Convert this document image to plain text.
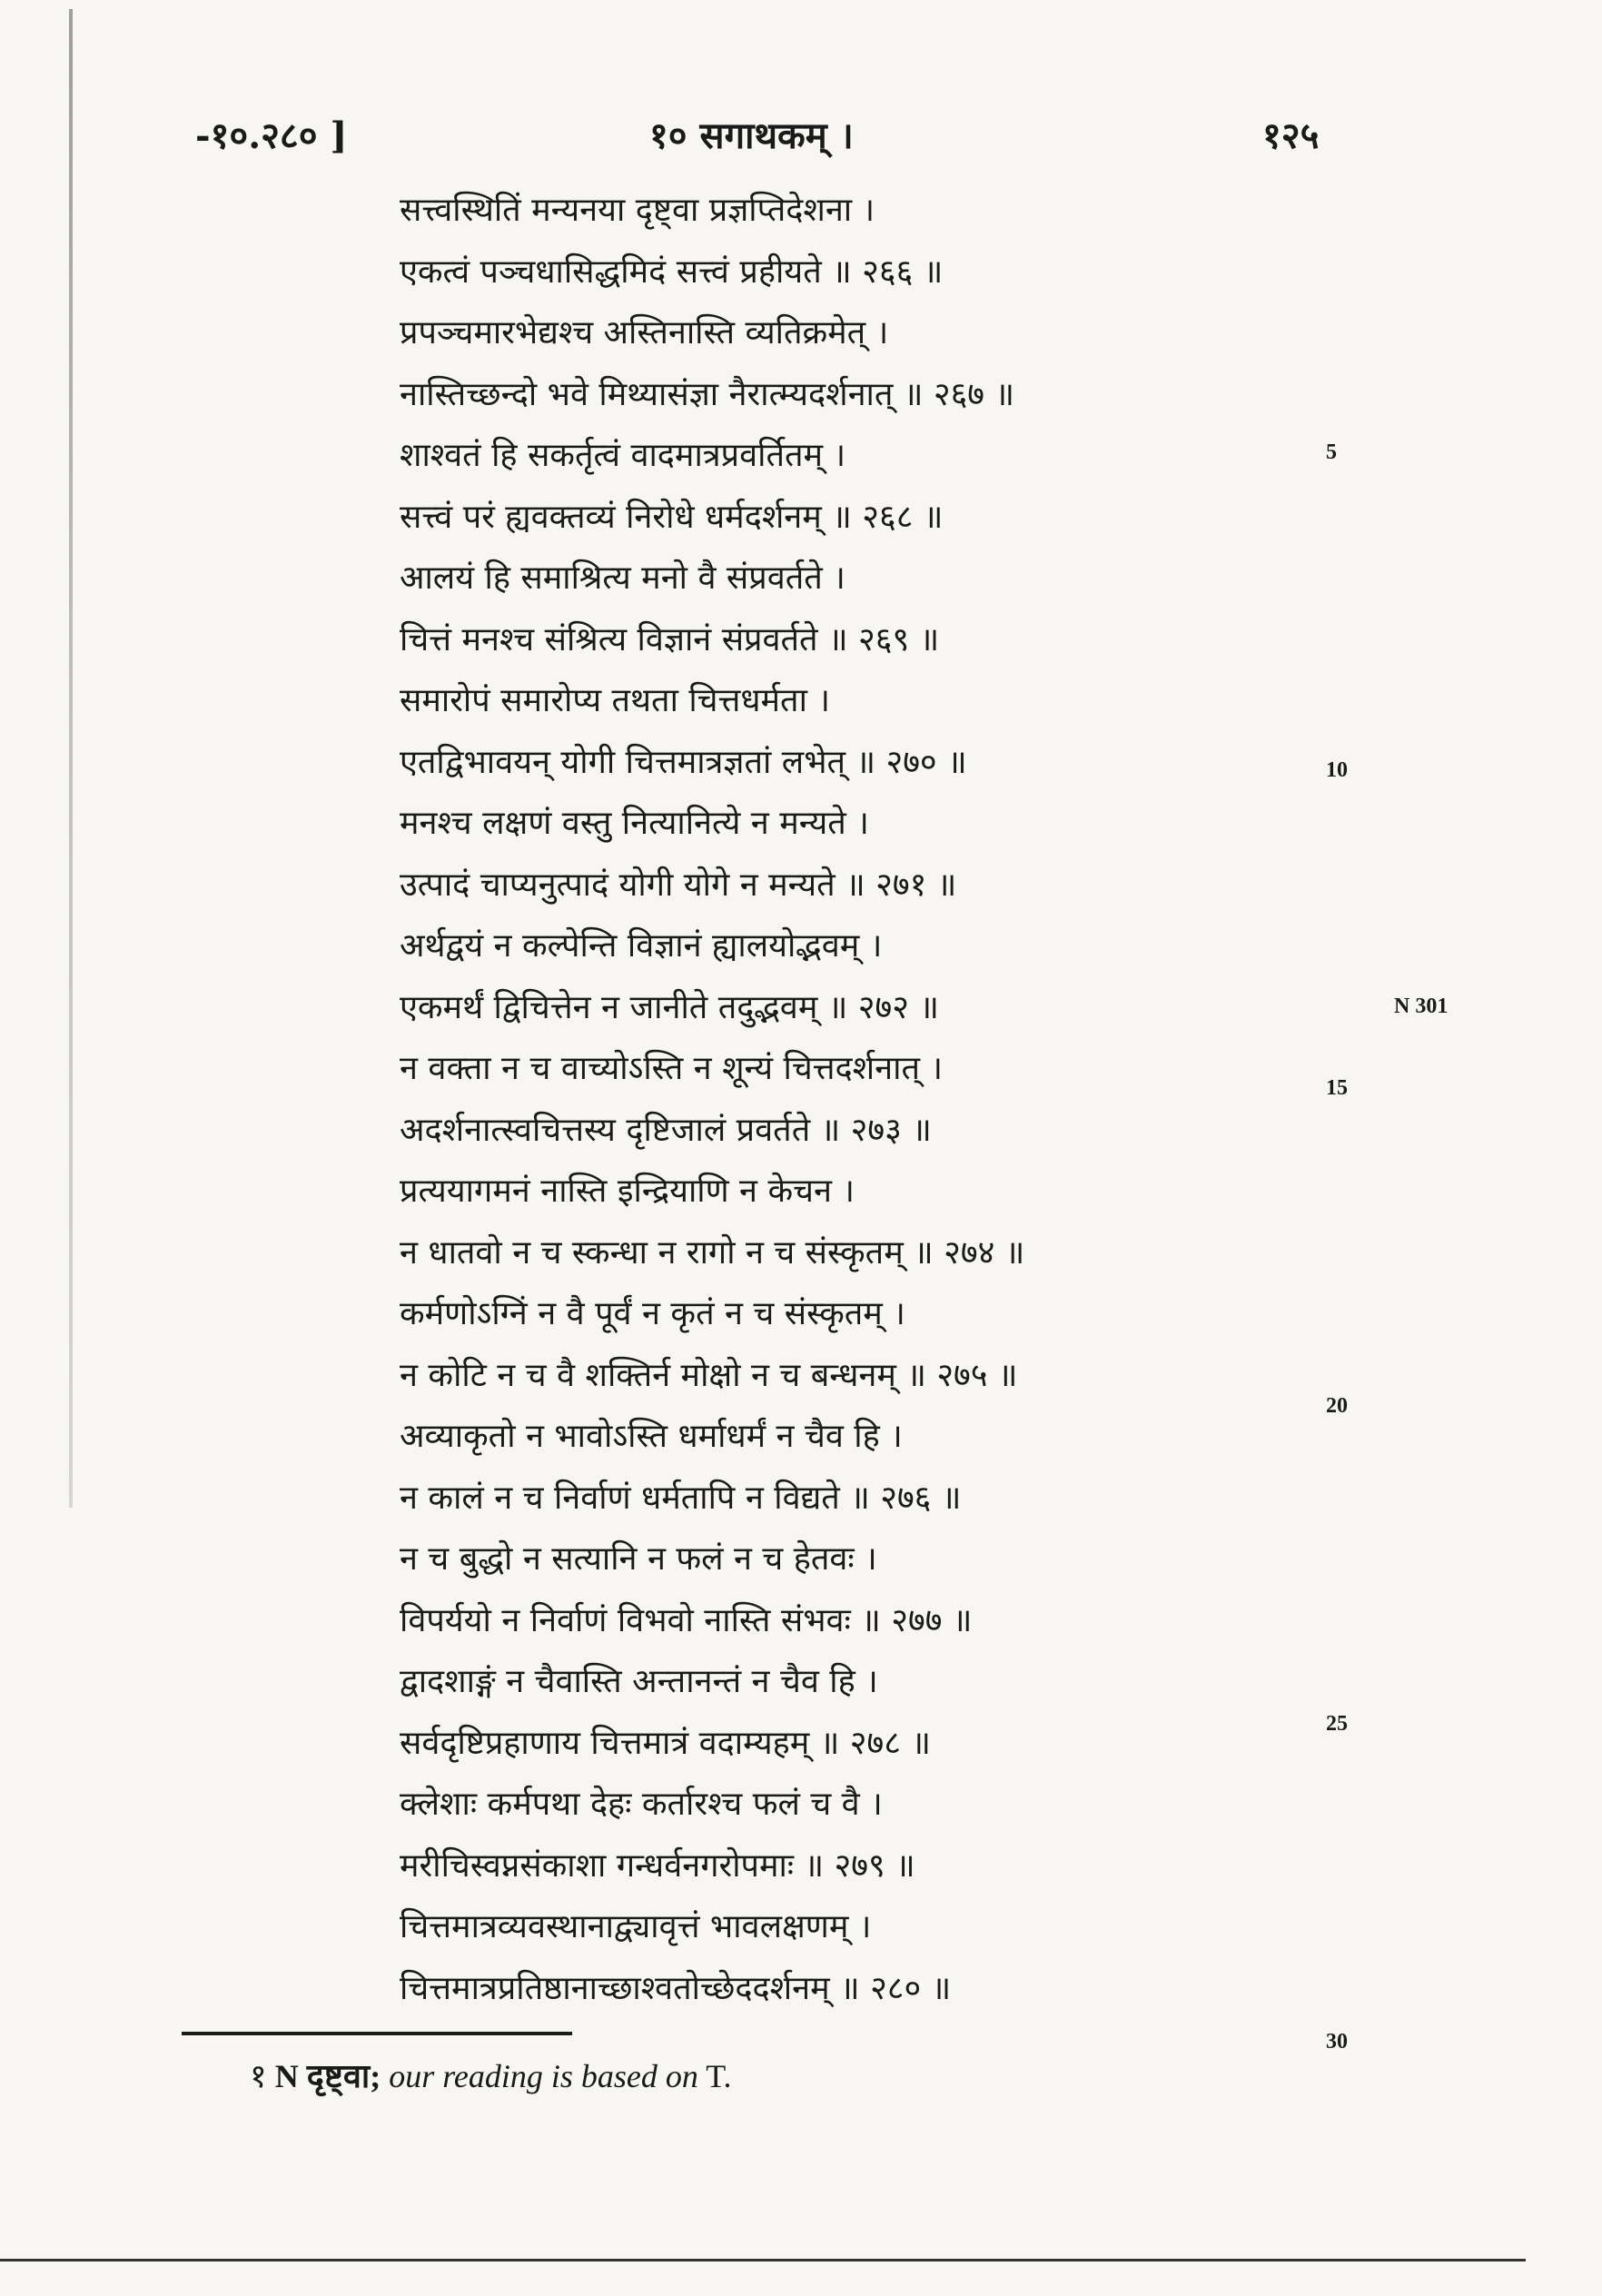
-१०.२८० ]	१० सगाथकम् ।	१२५
सत्त्वस्थितिं मन्यनया दृष्ट्वा प्रज्ञप्तिदेशना ।
एकत्वं पञ्चधासिद्धमिदं सत्त्वं प्रहीयते ॥ २६६ ॥
प्रपञ्चमारभेद्यश्च अस्तिनास्ति व्यतिक्रमेत् ।
नास्तिच्छन्दो भवे मिथ्यासंज्ञा नैरात्म्यदर्शनात् ॥ २६७ ॥
शाश्वतं हि सकर्तृत्वं वादमात्रप्रवर्तितम् ।
सत्त्वं परं ह्यवक्तव्यं निरोधे धर्मदर्शनम् ॥ २६८ ॥
आलयं हि समाश्रित्य मनो वै संप्रवर्तते ।
चित्तं मनश्च संश्रित्य विज्ञानं संप्रवर्तते ॥ २६९ ॥
समारोपं समारोप्य तथता चित्तधर्मता ।
एतद्विभावयन् योगी चित्तमात्रज्ञतां लभेत् ॥ २७० ॥
मनश्च लक्षणं वस्तु नित्यानित्ये न मन्यते ।
उत्पादं चाप्यनुत्पादं योगी योगे न मन्यते ॥ २७१ ॥
अर्थद्वयं न कल्पेन्ति विज्ञानं ह्यालयोद्भवम् ।
एकमर्थं द्विचित्तेन न जानीते तदुद्भवम् ॥ २७२ ॥
न वक्ता न च वाच्योऽस्ति न शून्यं चित्तदर्शनात् ।
अदर्शनात्स्वचित्तस्य दृष्टिजालं प्रवर्तते ॥ २७३ ॥
प्रत्ययागमनं नास्ति इन्द्रियाणि न केचन ।
न धातवो न च स्कन्धा न रागो न च संस्कृतम् ॥ २७४ ॥
कर्मणोऽग्निं न वै पूर्वं न कृतं न च संस्कृतम् ।
न कोटि न च वै शक्तिर्न मोक्षो न च बन्धनम् ॥ २७५ ॥
अव्याकृतो न भावोऽस्ति धर्माधर्मं न चैव हि ।
न कालं न च निर्वाणं धर्मतापि न विद्यते ॥ २७६ ॥
न च बुद्धो न सत्यानि न फलं न च हेतवः ।
विपर्ययो न निर्वाणं विभवो नास्ति संभवः ॥ २७७ ॥
द्वादशाङ्गं न चैवास्ति अन्तानन्तं न चैव हि ।
सर्वदृष्टिप्रहाणाय चित्तमात्रं वदाम्यहम् ॥ २७८ ॥
क्लेशाः कर्मपथा देहः कर्तारश्च फलं च वै ।
मरीचिस्वप्नसंकाशा गन्धर्वनगरोपमाः ॥ २७९ ॥
चित्तमात्रव्यवस्थानाद्व्यावृत्तं भावलक्षणम् ।
5
10
15
20
25
30
N 301
१ N दृष्ट्वा; our reading is based on T.
चित्तमात्रप्रतिष्ठानाच्छाश्वतोच्छेददर्शनम् ॥ २८० ॥
